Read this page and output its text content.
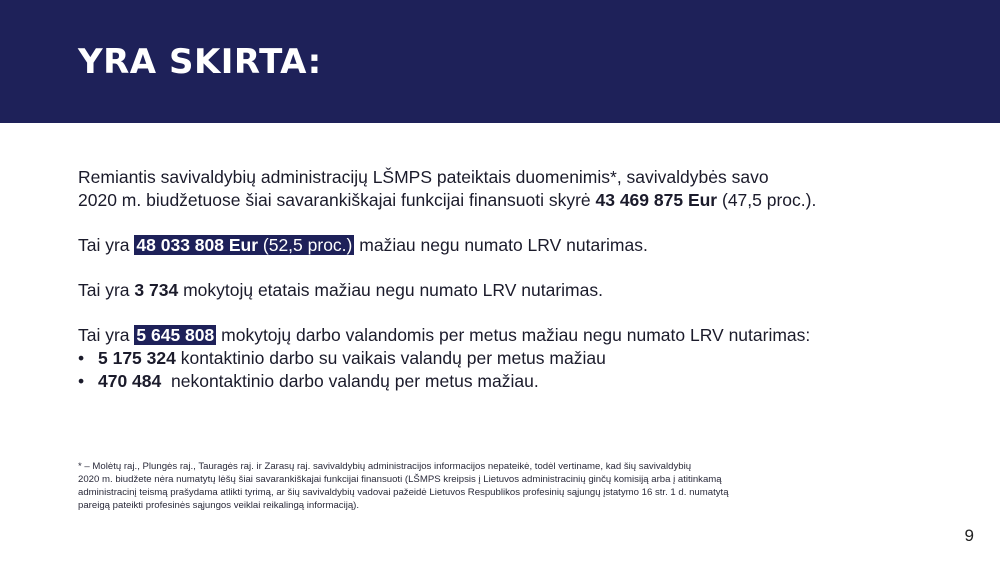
YRA SKIRTA:

Remiantis savivaldybių administracijų LŠMPS pateiktais duomenimis*, savivaldybės savo
2020 m. biudžetuose šiai savarankiškajai funkcijai finansuoti skyrė 43 469 875 Eur (47,5 proc.).

Tai yra 48 033 808 Eur (52,5 proc.) mažiau negu numato LRV nutarimas.

Tai yra 3 734 mokytojų etatais mažiau negu numato LRV nutarimas.

Tai yra 5 645 808 mokytojų darbo valandomis per metus mažiau negu numato LRV nutarimas:

• 5 175 324 kontaktinio darbo su vaikais valandų per metus mažiau
• 470 484  nekontaktinio darbo valandų per metus mažiau.
* – Molėtų raj., Plungės raj., Tauragės raj. ir Zarasų raj. savivaldybių administracijos informacijos nepateikė, todėl vertiname, kad šių savivaldybių
2020 m. biudžete nėra numatytų lėšų šiai savarankiškajai funkcijai finansuoti (LŠMPS kreipsis į Lietuvos administracinių ginčų komisiją arba į atitinkamą
administracinį teismą prašydama atlikti tyrimą, ar šių savivaldybių vadovai pažeidė Lietuvos Respublikos profesinių sąjungų įstatymo 16 str. 1 d. numatytą
pareigą pateikti profesinės sąjungos veiklai reikalingą informaciją).
9
